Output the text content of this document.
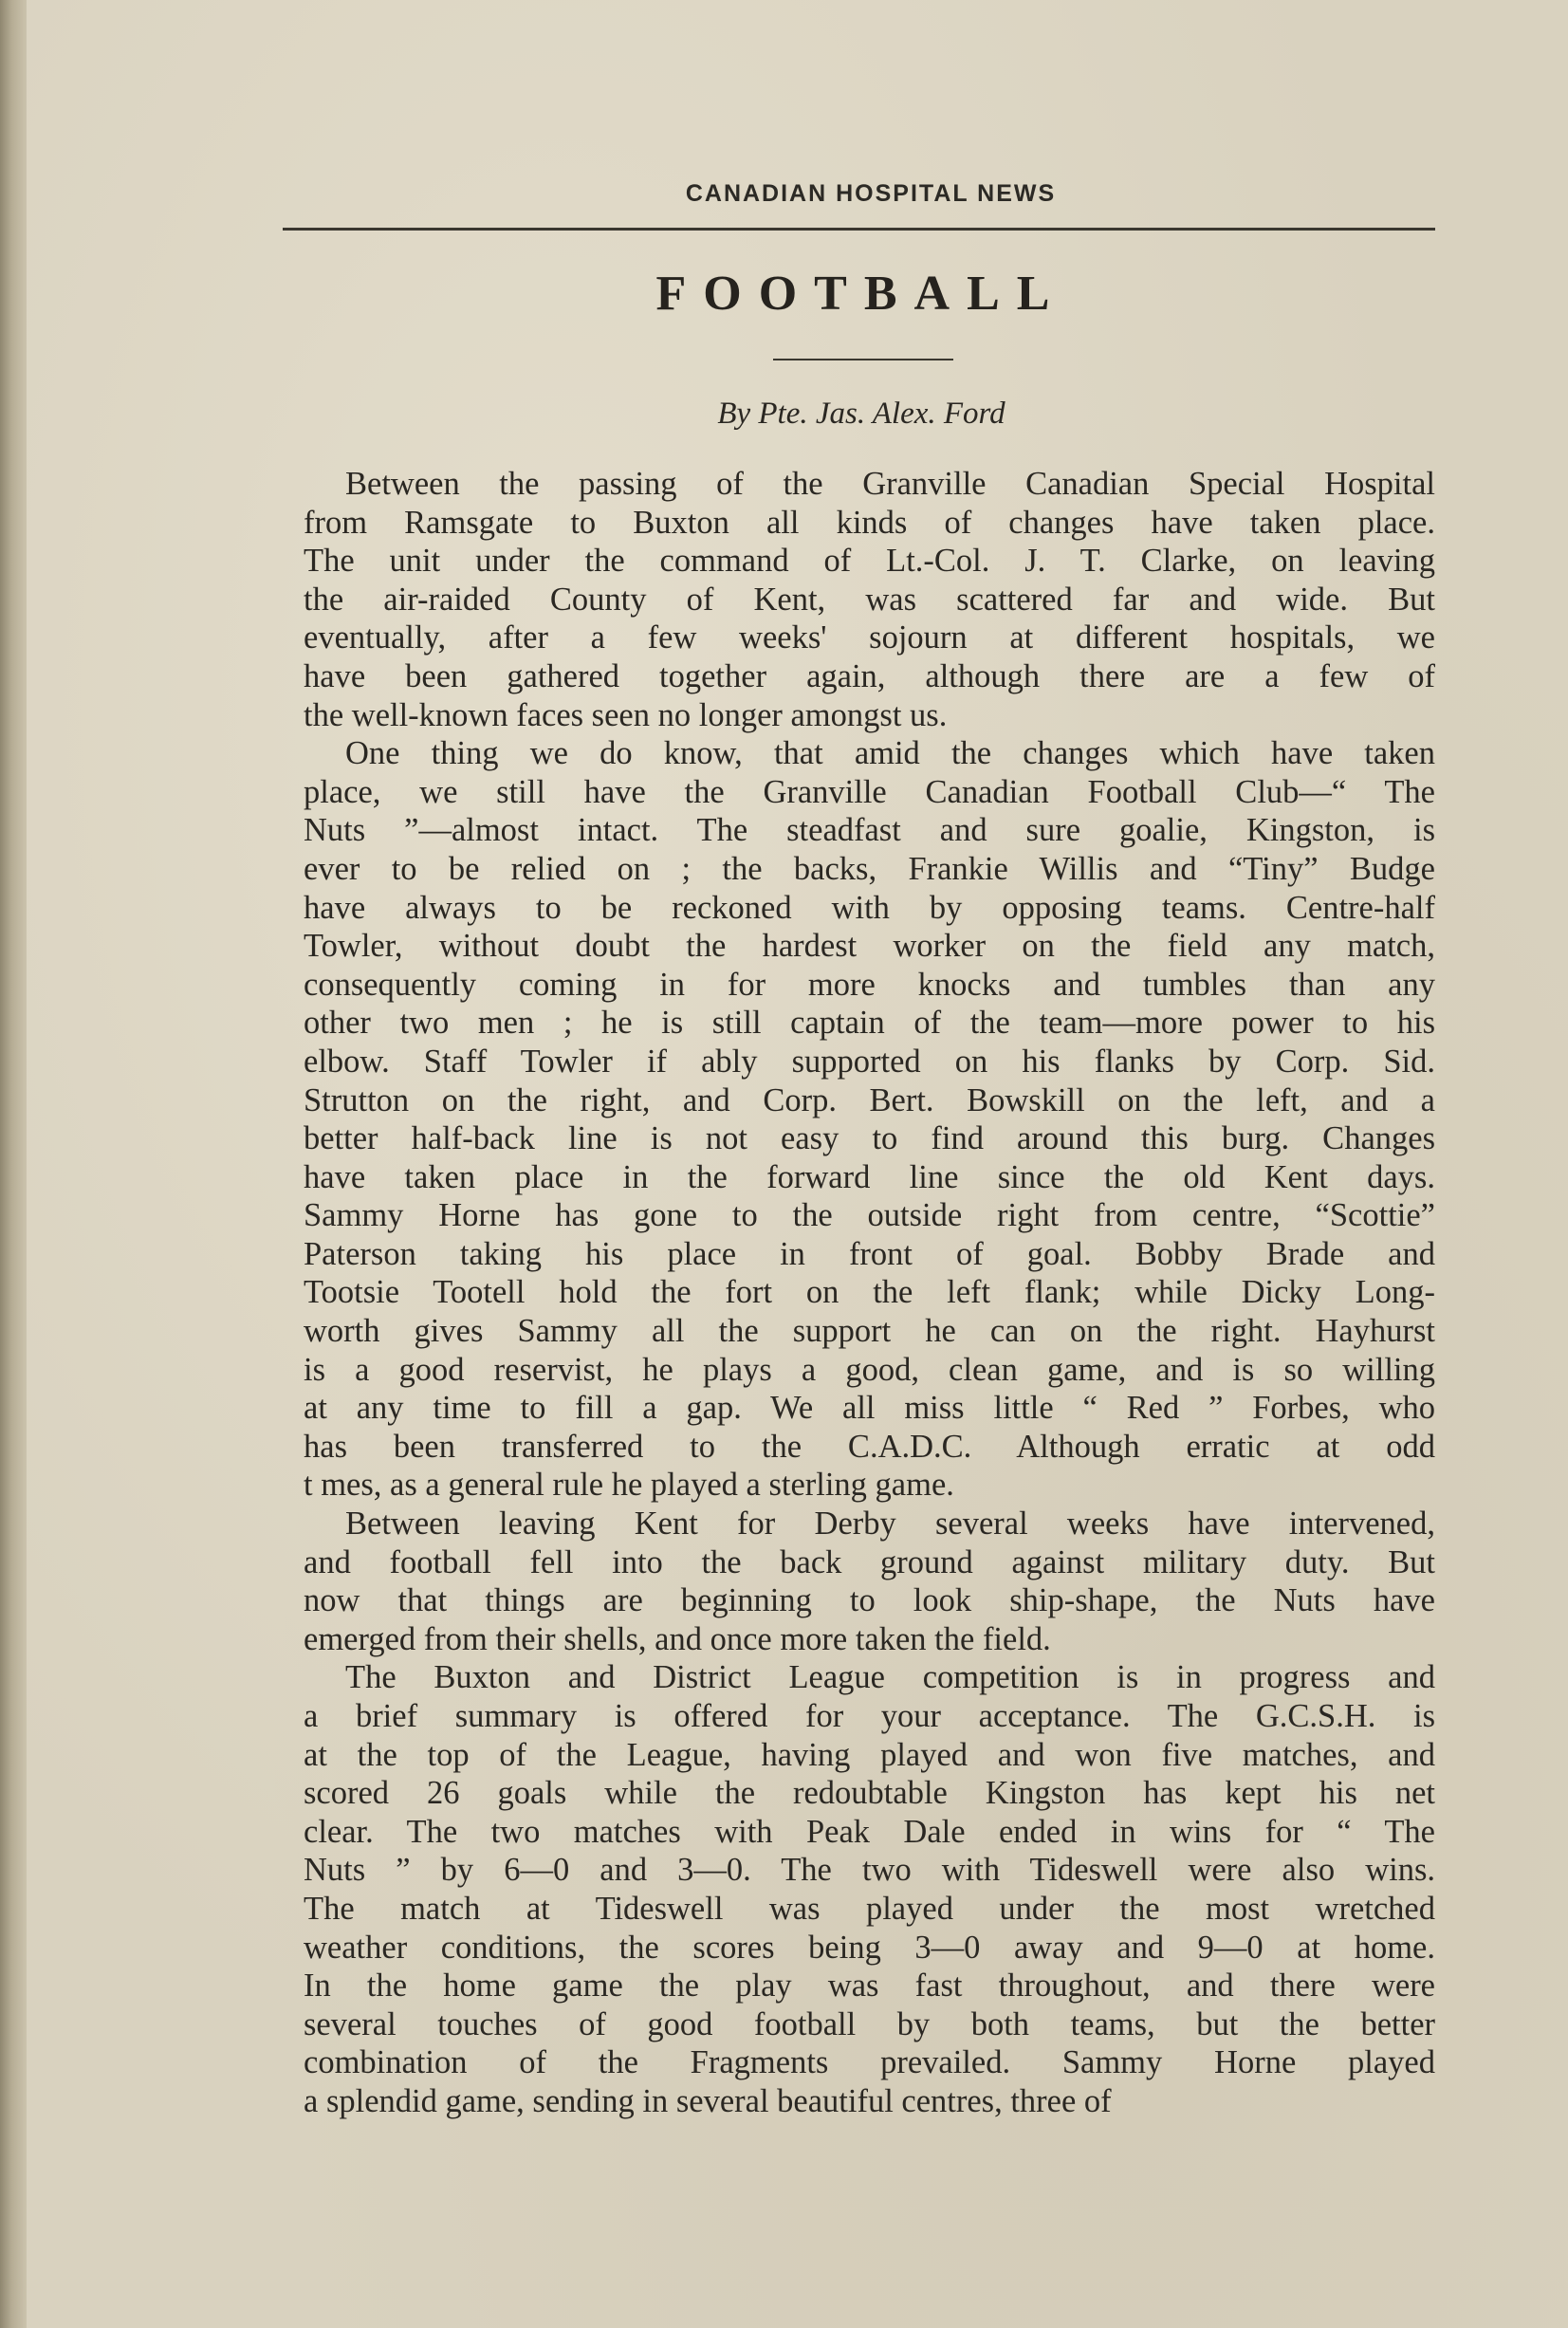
CANADIAN HOSPITAL NEWS
FOOTBALL
By Pte. Jas. Alex. Ford
Between the passing of the Granville Canadian Special Hospital
from Ramsgate to Buxton all kinds of changes have taken place.
The unit under the command of Lt.-Col. J. T. Clarke, on leaving
the air-raided County of Kent, was scattered far and wide. But
eventually, after a few weeks' sojourn at different hospitals, we
have been gathered together again, although there are a few of
the well-known faces seen no longer amongst us.
One thing we do know, that amid the changes which have taken
place, we still have the Granville Canadian Football Club—“ The
Nuts ”—almost intact. The steadfast and sure goalie, Kingston, is
ever to be relied on ; the backs, Frankie Willis and “Tiny” Budge
have always to be reckoned with by opposing teams. Centre-half
Towler, without doubt the hardest worker on the field any match,
consequently coming in for more knocks and tumbles than any
other two men ; he is still captain of the team—more power to his
elbow. Staff Towler if ably supported on his flanks by Corp. Sid.
Strutton on the right, and Corp. Bert. Bowskill on the left, and a
better half-back line is not easy to find around this burg. Changes
have taken place in the forward line since the old Kent days.
Sammy Horne has gone to the outside right from centre, “Scottie”
Paterson taking his place in front of goal. Bobby Brade and
Tootsie Tootell hold the fort on the left flank; while Dicky Long-
worth gives Sammy all the support he can on the right. Hayhurst
is a good reservist, he plays a good, clean game, and is so willing
at any time to fill a gap. We all miss little “ Red ” Forbes, who
has been transferred to the C.A.D.C. Although erratic at odd
t mes, as a general rule he played a sterling game.
Between leaving Kent for Derby several weeks have intervened,
and football fell into the back ground against military duty. But
now that things are beginning to look ship-shape, the Nuts have
emerged from their shells, and once more taken the field.
The Buxton and District League competition is in progress and
a brief summary is offered for your acceptance. The G.C.S.H. is
at the top of the League, having played and won five matches, and
scored 26 goals while the redoubtable Kingston has kept his net
clear. The two matches with Peak Dale ended in wins for “ The
Nuts ” by 6—0 and 3—0. The two with Tideswell were also wins.
The match at Tideswell was played under the most wretched
weather conditions, the scores being 3—0 away and 9—0 at home.
In the home game the play was fast throughout, and there were
several touches of good football by both teams, but the better
combination of the Fragments prevailed. Sammy Horne played
a splendid game, sending in several beautiful centres, three of
